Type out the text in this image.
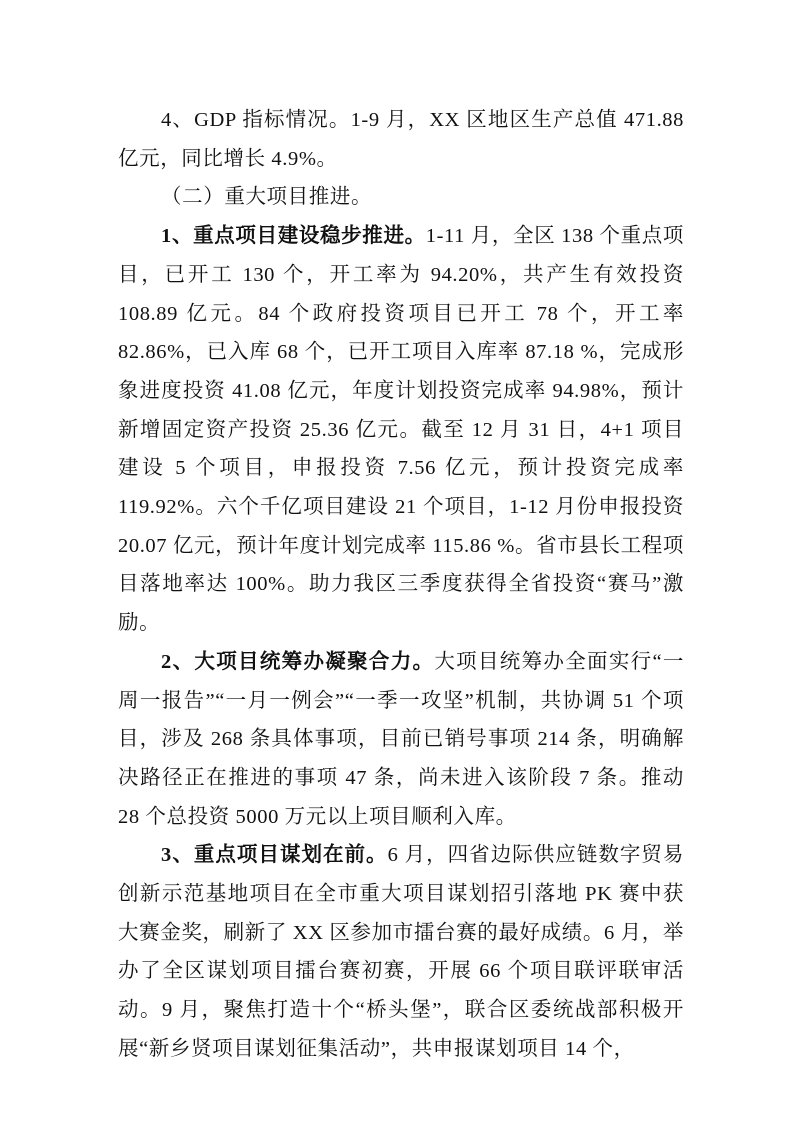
4、GDP 指标情况。1-9 月，XX 区地区生产总值 471.88 亿元，同比增长 4.9%。

（二）重大项目推进。

1、重点项目建设稳步推进。1-11 月，全区 138 个重点项目，已开工 130 个，开工率为 94.20%，共产生有效投资 108.89 亿元。84 个政府投资项目已开工 78 个，开工率 82.86%，已入库 68 个，已开工项目入库率 87.18 %，完成形象进度投资 41.08 亿元，年度计划投资完成率 94.98%，预计新增固定资产投资 25.36 亿元。截至 12 月 31 日，4+1 项目建设 5 个项目，申报投资 7.56 亿元，预计投资完成率 119.92%。六个千亿项目建设 21 个项目，1-12 月份申报投资 20.07 亿元，预计年度计划完成率 115.86 %。省市县长工程项目落地率达 100%。助力我区三季度获得全省投资“赛马”激励。

2、大项目统筹办凝聚合力。大项目统筹办全面实行“一周一报告”“一月一例会”“一季一攻坚”机制，共协调 51 个项目，涉及 268 条具体事项，目前已销号事项 214 条，明确解决路径正在推进的事项 47 条，尚未进入该阶段 7 条。推动 28 个总投资 5000 万元以上项目顺利入库。

3、重点项目谋划在前。6 月，四省边际供应链数字贸易创新示范基地项目在全市重大项目谋划招引落地 PK 赛中获大赛金奖，刷新了 XX 区参加市擂台赛的最好成绩。6 月，举办了全区谋划项目擂台赛初赛，开展 66 个项目联评联审活动。9 月，聚焦打造十个“桥头堡”，联合区委统战部积极开展“新乡贤项目谋划征集活动”，共申报谋划项目 14 个，
